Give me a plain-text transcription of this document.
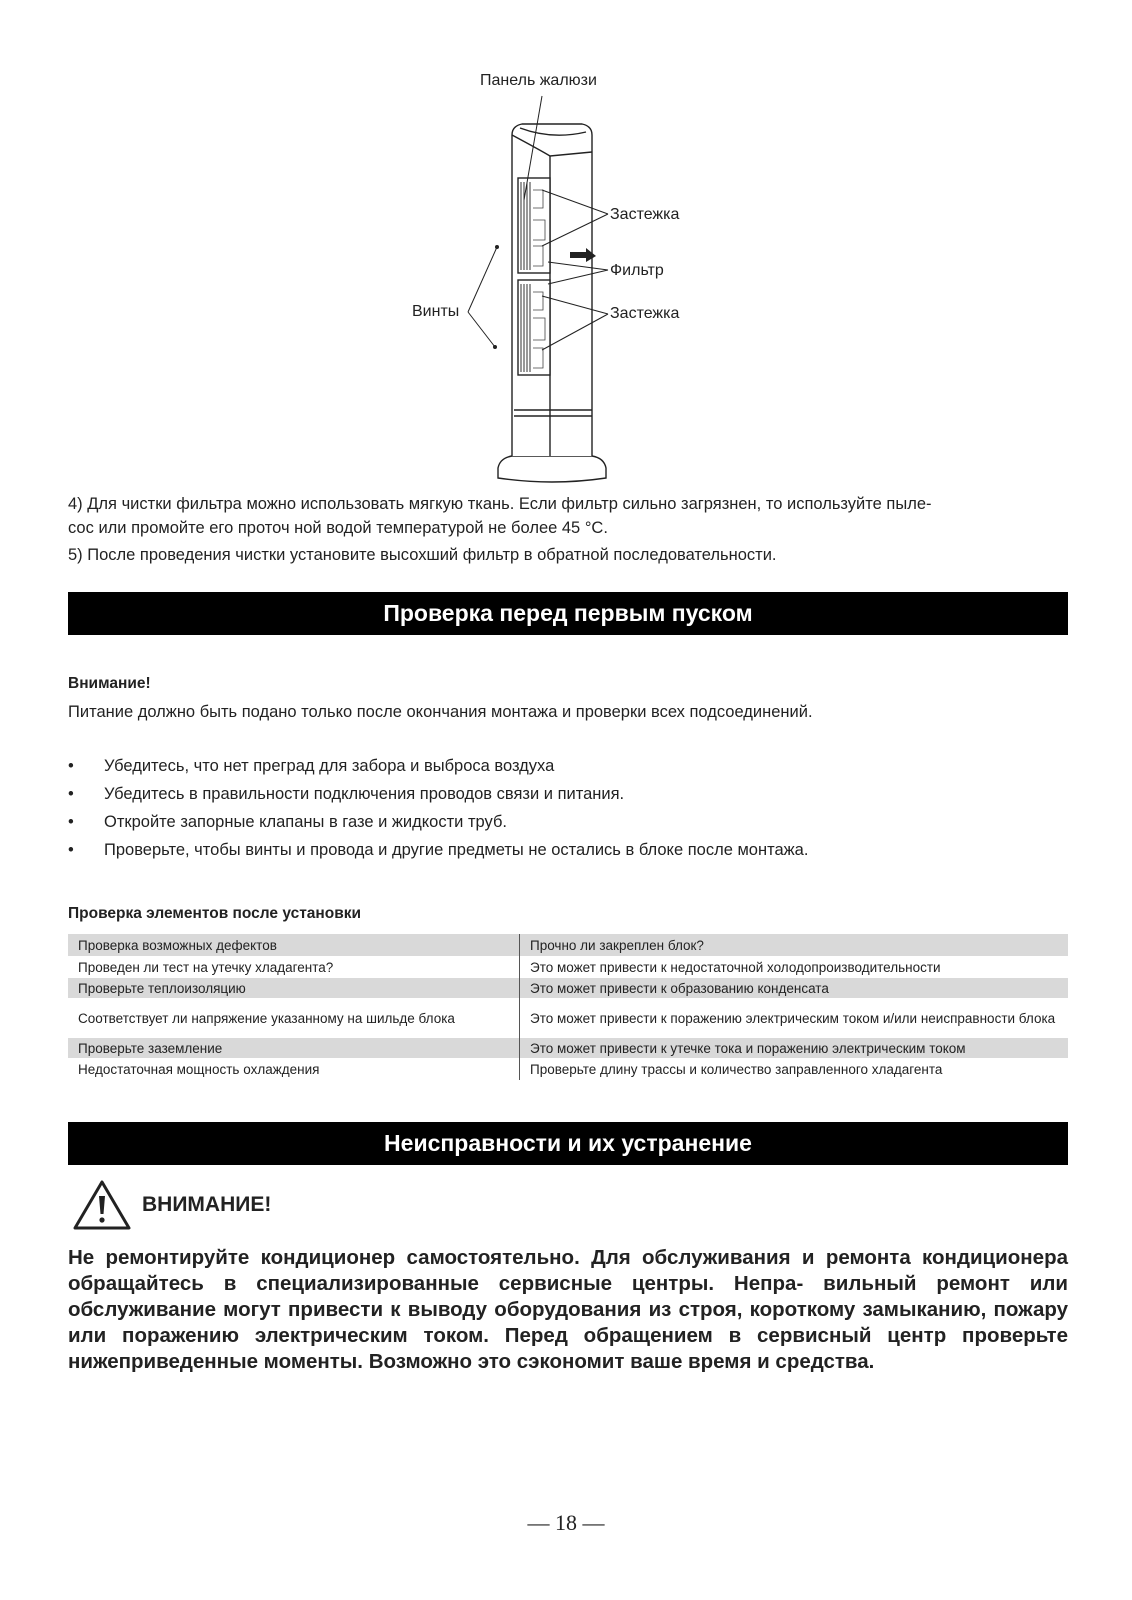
Панель жалюзи
Застежка
Фильтр
Застежка
Винты
4) Для чистки фильтра можно использовать мягкую ткань. Если фильтр сильно загрязнен, то используйте пыле-
сос или промойте его проточ ной водой температурой не более 45 °С.
5) После проведения чистки установите высохший фильтр в обратной последовательности.
Проверка перед первым пуском
Внимание!
Питание должно быть подано только после окончания монтажа и проверки всех подсоединений.
• Убедитесь, что нет преград для забора и выброса воздуха
• Убедитесь в правильности подключения проводов связи и питания.
• Откройте запорные клапаны в газе и жидкости труб.
• Проверьте, чтобы винты и провода и другие предметы не остались в блоке после монтажа.
Проверка элементов после установки
Проверка возможных дефектов	Прочно ли закреплен блок?
Проведен ли тест на утечку хладагента?	Это может привести к недостаточной холодопроизводительности
Проверьте теплоизоляцию	Это может привести к образованию конденсата
Соответствует ли напряжение указанному на шильде блока	Это может привести к поражению электрическим током и/или неисправности блока
Проверьте заземление	Это может привести к утечке тока и поражению электрическим током
Недостаточная мощность охлаждения	Проверьте длину трассы и количество заправленного хладагента
Неисправности и их устранение
ВНИМАНИЕ!
Не ремонтируйте кондиционер самостоятельно. Для обслуживания и ремонта кондиционера обращайтесь в специализированные сервисные центры. Непра- вильный ремонт или обслуживание могут привести к выводу оборудования из строя, короткому замыканию, пожару или поражению электрическим током. Перед обращением в сервисный центр проверьте нижеприведенные моменты. Возможно это сэкономит ваше время и средства.
— 18 —
